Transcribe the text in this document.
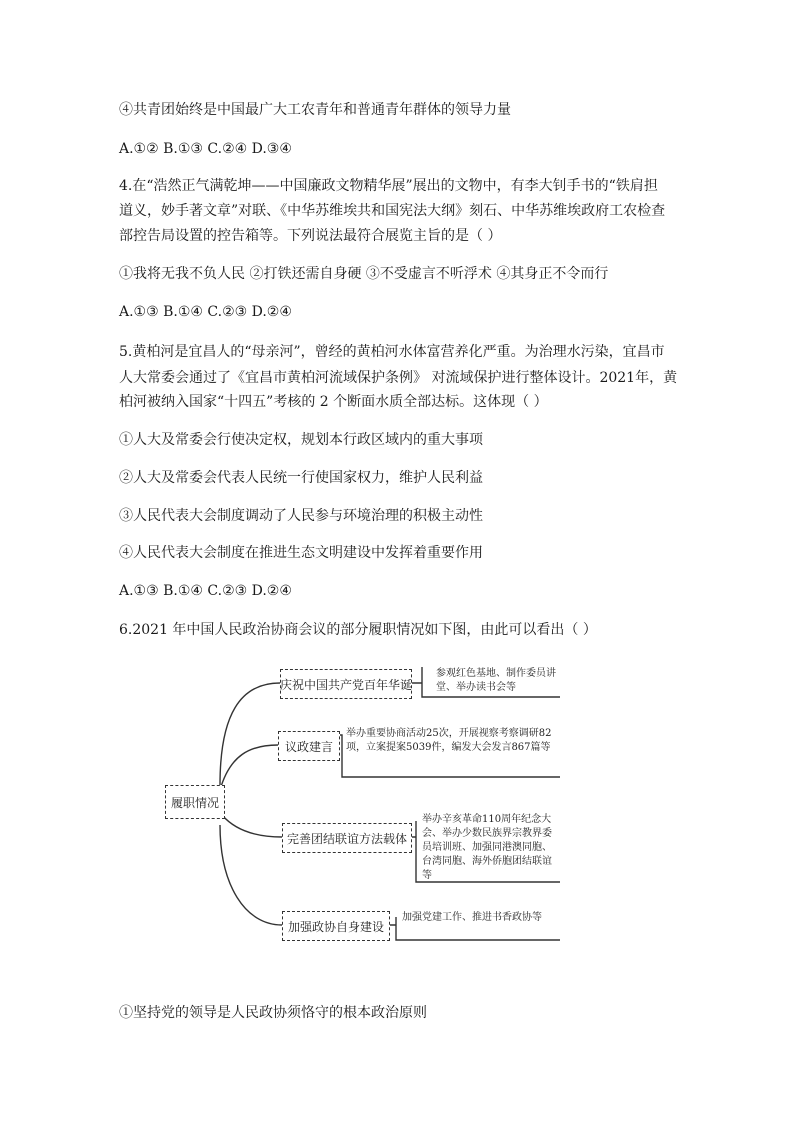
④共青团始终是中国最广大工农青年和普通青年群体的领导力量
A.①② B.①③ C.②④ D.③④
4.在“浩然正气满乾坤——中国廉政文物精华展”展出的文物中，有李大钊手书的“铁肩担
道义，妙手著文章”对联、《中华苏维埃共和国宪法大纲》刻石、中华苏维埃政府工农检查
部控告局设置的控告箱等。下列说法最符合展览主旨的是（ ）
①我将无我不负人民 ②打铁还需自身硬 ③不受虚言不听浮术 ④其身正不令而行
A.①③ B.①④ C.②③ D.②④
5.黄柏河是宜昌人的“母亲河”，曾经的黄柏河水体富营养化严重。为治理水污染，宜昌市
人大常委会通过了《宜昌市黄柏河流域保护条例》 对流域保护进行整体设计。2021年，黄
柏河被纳入国家“十四五”考核的 2 个断面水质全部达标。这体现（ ）
①人大及常委会行使决定权，规划本行政区域内的重大事项
②人大及常委会代表人民统一行使国家权力，维护人民利益
③人民代表大会制度调动了人民参与环境治理的积极主动性
④人民代表大会制度在推进生态文明建设中发挥着重要作用
A.①③ B.①④ C.②③ D.②④
6.2021 年中国人民政治协商会议的部分履职情况如下图，由此可以看出（ ）
履职情况
庆祝中国共产党百年华诞
参观红色基地、制作委员讲堂、举办读书会等
议政建言
举办重要协商活动25次，开展视察考察调研82项，立案提案5039件，编发大会发言867篇等
完善团结联谊方法载体
举办辛亥革命110周年纪念大会、举办少数民族界宗教界委员培训班、加强同港澳同胞、台湾同胞、海外侨胞团结联谊等
加强政协自身建设
加强党建工作、推进书香政协等
①坚持党的领导是人民政协须恪守的根本政治原则
